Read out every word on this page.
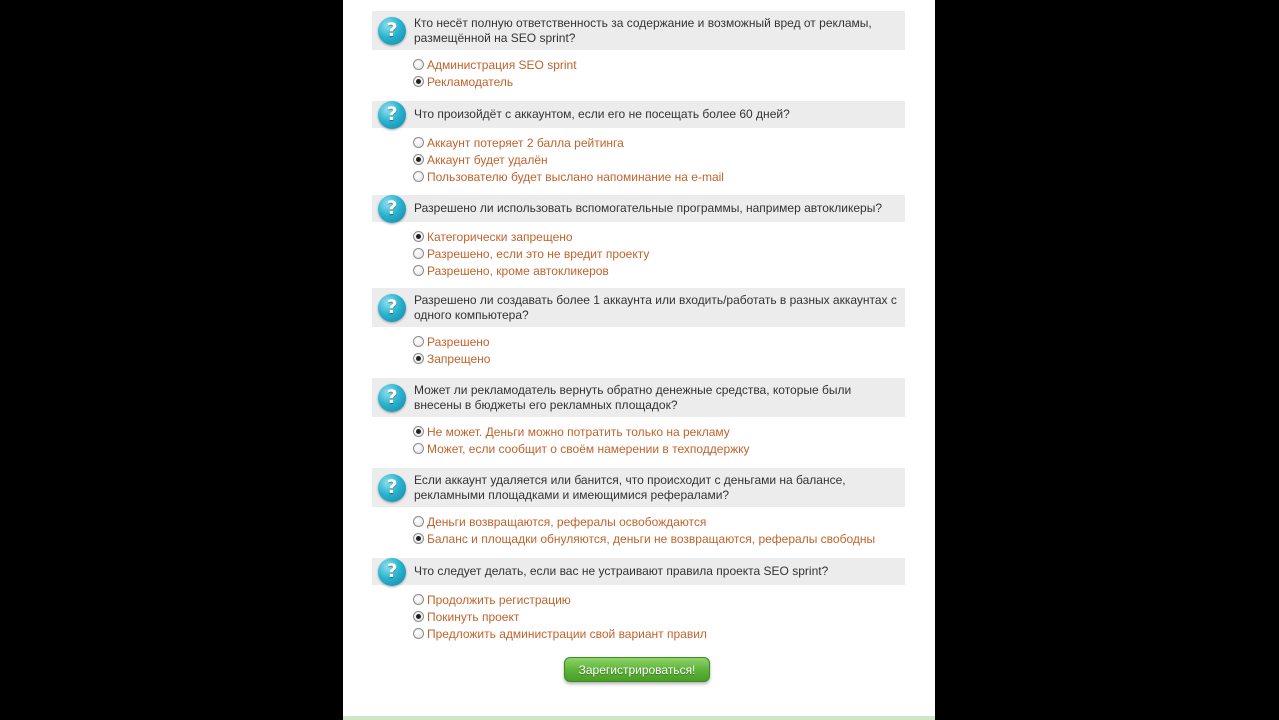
? Кто несёт полную ответственность за содержание и возможный вред от рекламы, размещённой на SEO sprint?
Администрация SEO sprint
Рекламодатель
? Что произойдёт с аккаунтом, если его не посещать более 60 дней?
Аккаунт потеряет 2 балла рейтинга
Аккаунт будет удалён
Пользователю будет выслано напоминание на e-mail
? Разрешено ли использовать вспомогательные программы, например автокликеры?
Категорически запрещено
Разрешено, если это не вредит проекту
Разрешено, кроме автокликеров
? Разрешено ли создавать более 1 аккаунта или входить/работать в разных аккаунтах с одного компьютера?
Разрешено
Запрещено
? Может ли рекламодатель вернуть обратно денежные средства, которые были внесены в бюджеты его рекламных площадок?
Не может. Деньги можно потратить только на рекламу
Может, если сообщит о своём намерении в техподдержку
? Если аккаунт удаляется или банится, что происходит с деньгами на балансе, рекламными площадками и имеющимися рефералами?
Деньги возвращаются, рефералы освобождаются
Баланс и площадки обнуляются, деньги не возвращаются, рефералы свободны
? Что следует делать, если вас не устраивают правила проекта SEO sprint?
Продолжить регистрацию
Покинуть проект
Предложить администрации свой вариант правил
Зарегистрироваться!
